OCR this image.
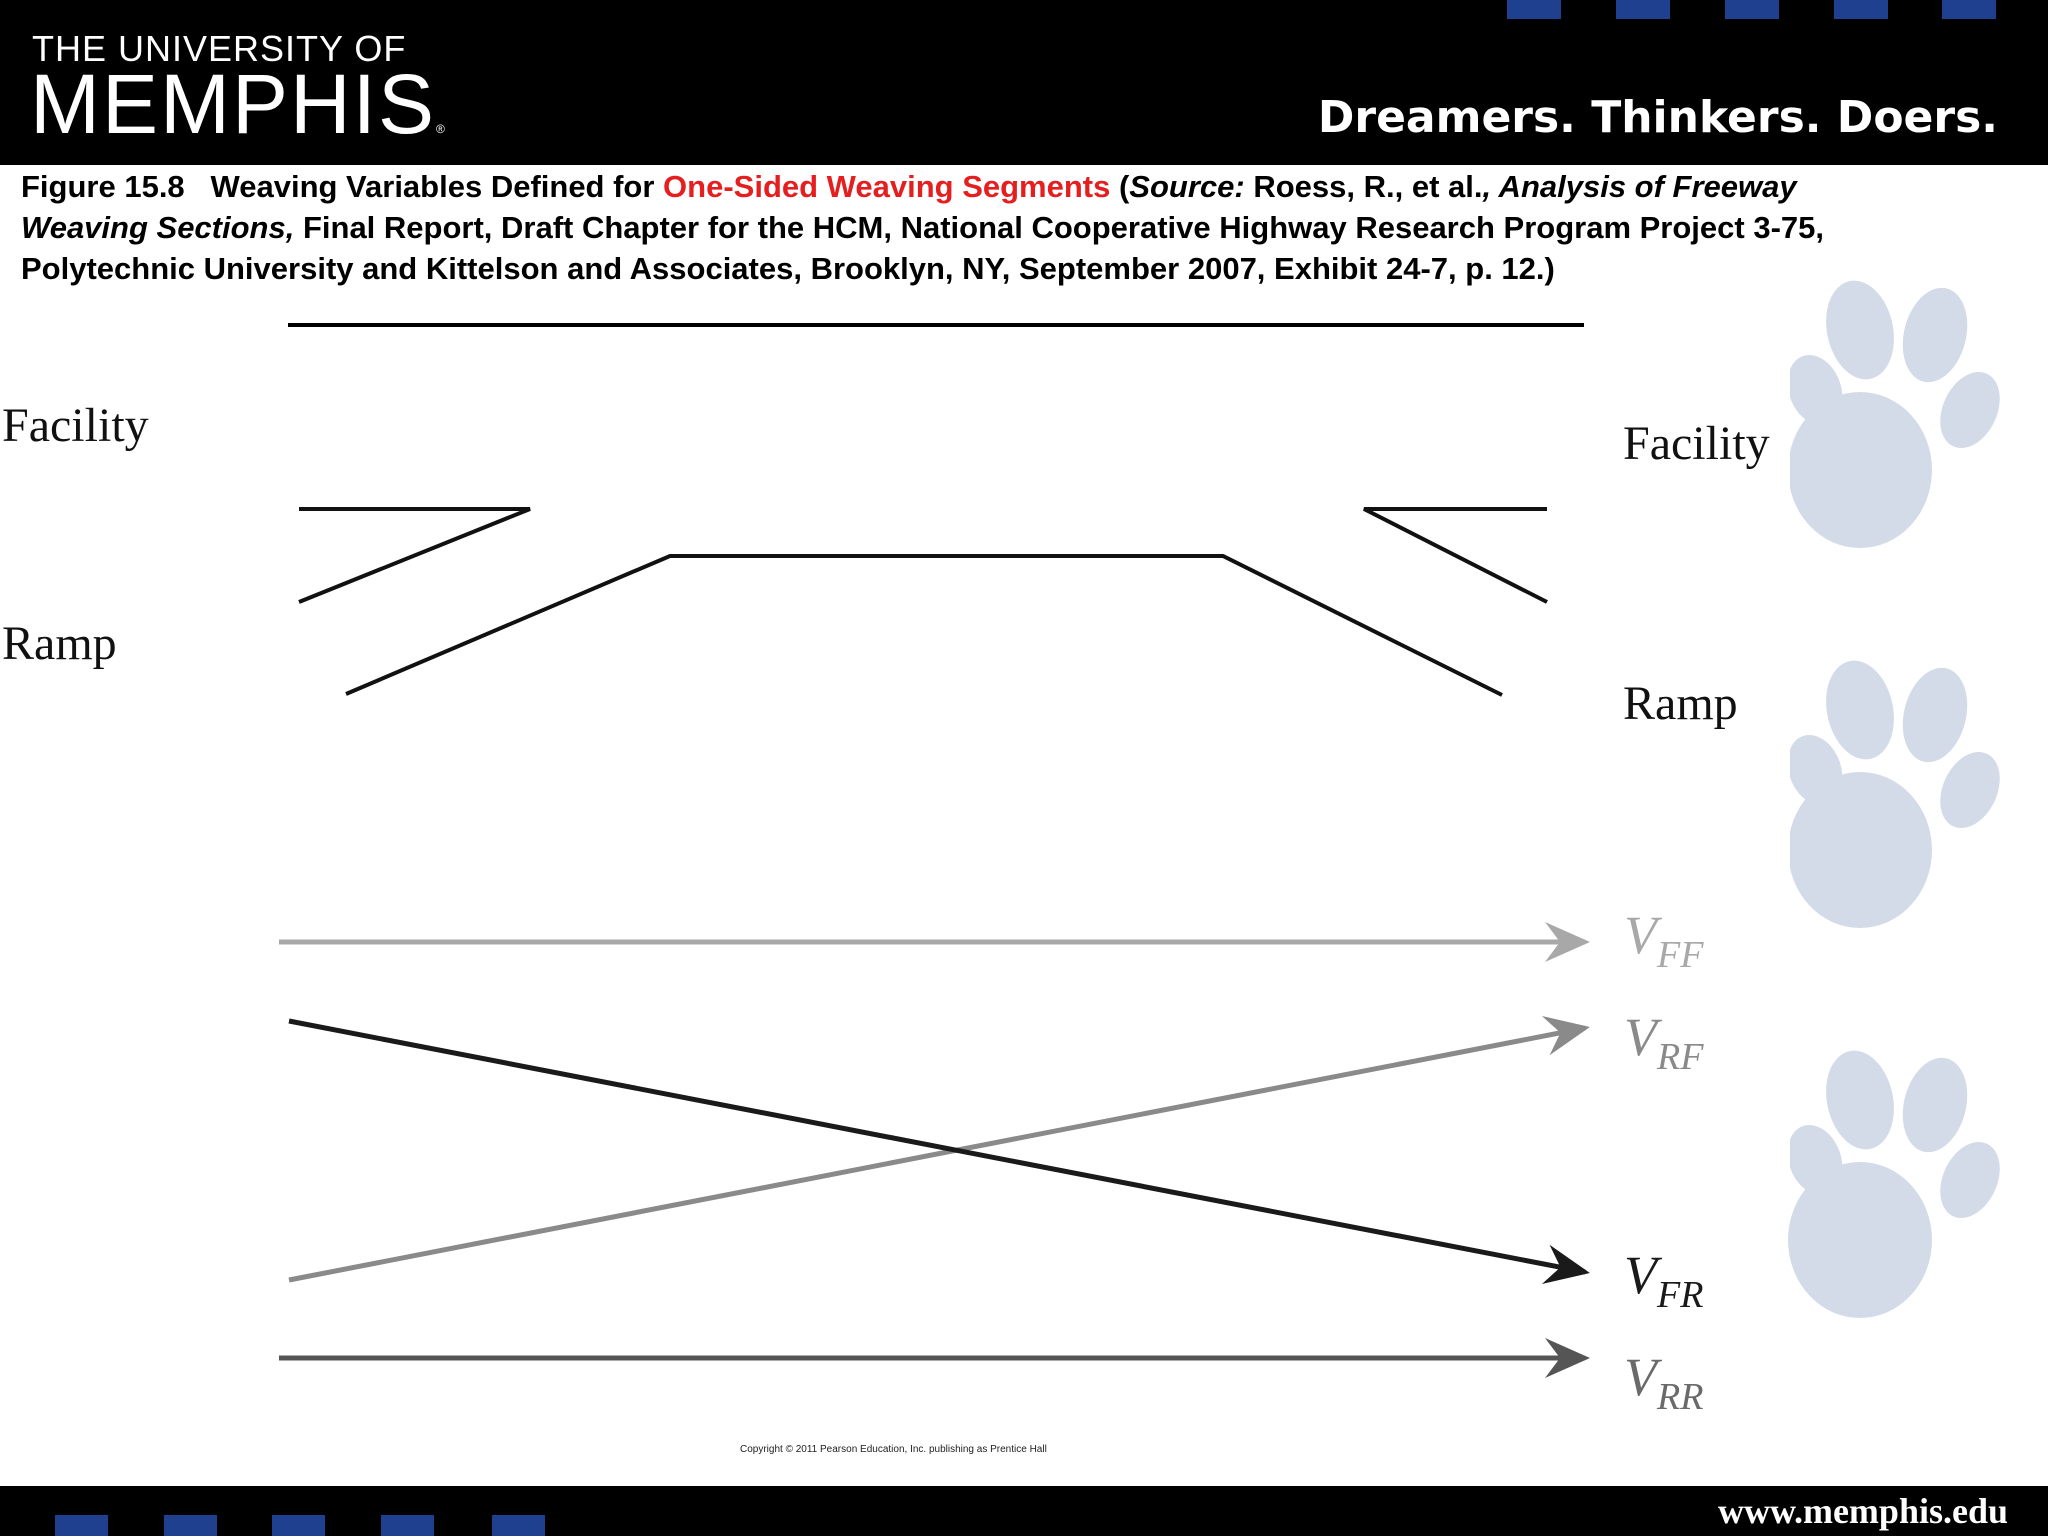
THE UNIVERSITY OF
MEMPHIS®	Dreamers. Thinkers. Doers.
Figure 15.8 Weaving Variables Defined for One-Sided Weaving Segments (Source: Roess, R., et al., Analysis of Freeway Weaving Sections, Final Report, Draft Chapter for the HCM, National Cooperative Highway Research Program Project 3-75, Polytechnic University and Kittelson and Associates, Brooklyn, NY, September 2007, Exhibit 24-7, p. 12.)
Facility
Ramp
Facility
Ramp
$V_{FF}$
$V_{RF}$
$V_{FR}$
$V_{RR}$
Copyright © 2011 Pearson Education, Inc. publishing as Prentice Hall
www.memphis.edu
